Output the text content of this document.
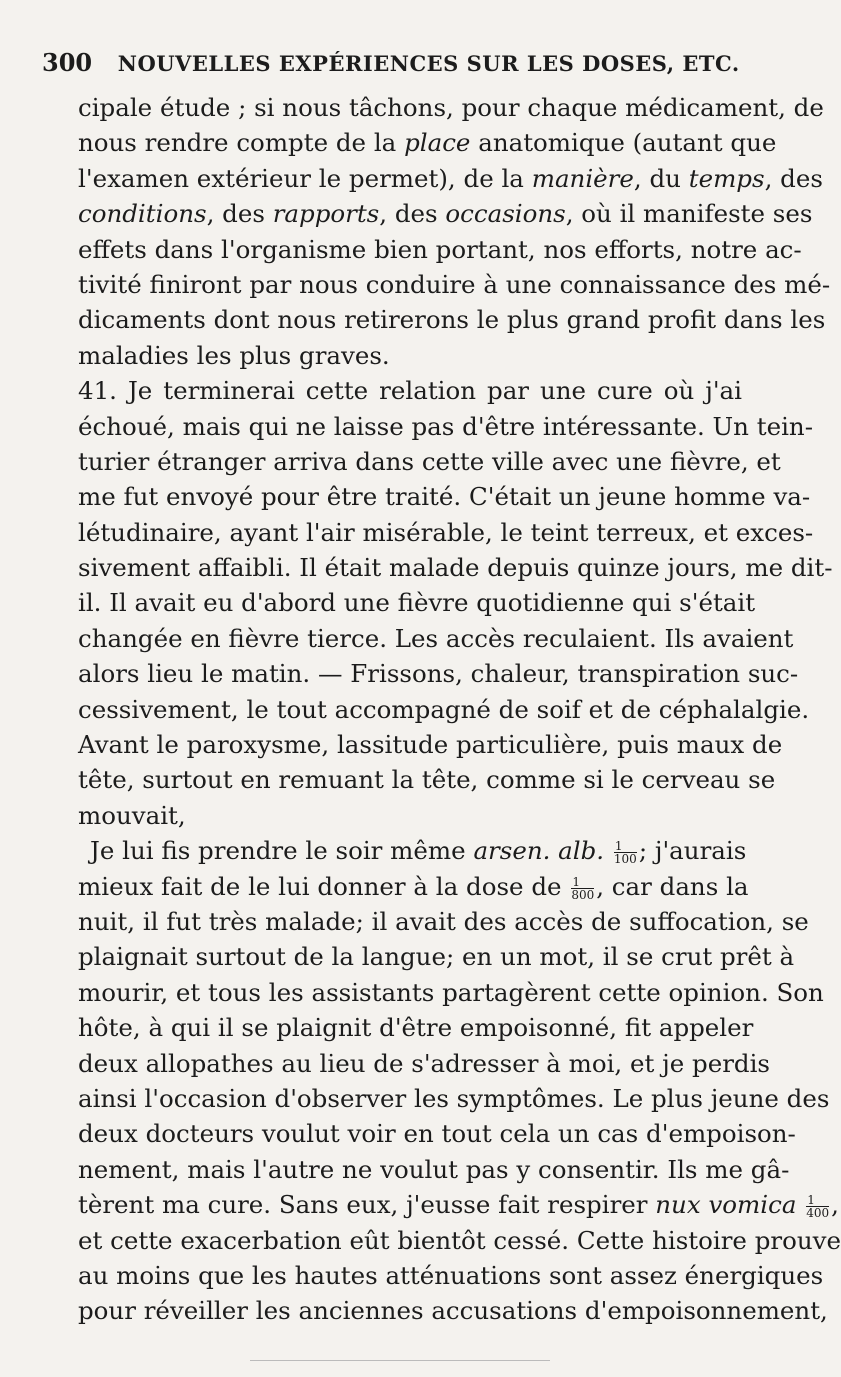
300 NOUVELLES EXPÉRIENCES SUR LES DOSES, ETC.
cipale étude ; si nous tâchons, pour chaque médicament, de
nous rendre compte de la place anatomique (autant que
l'examen extérieur le permet), de la manière, du temps, des
conditions, des rapports, des occasions, où il manifeste ses
effets dans l'organisme bien portant, nos efforts, notre ac-
tivité finiront par nous conduire à une connaissance des mé-
dicaments dont nous retirerons le plus grand profit dans les
maladies les plus graves.
41. Je terminerai cette relation par une cure où j'ai
échoué, mais qui ne laisse pas d'être intéressante. Un tein-
turier étranger arriva dans cette ville avec une fièvre, et
me fut envoyé pour être traité. C'était un jeune homme va-
létudinaire, ayant l'air misérable, le teint terreux, et exces-
sivement affaibli. Il était malade depuis quinze jours, me dit-
il. Il avait eu d'abord une fièvre quotidienne qui s'était
changée en fièvre tierce. Les accès reculaient. Ils avaient
alors lieu le matin. — Frissons, chaleur, transpiration suc-
cessivement, le tout accompagné de soif et de céphalalgie.
Avant le paroxysme, lassitude particulière, puis maux de
tête, surtout en remuant la tête, comme si le cerveau se
mouvait,
Je lui fis prendre le soir même arsen. alb. $\frac{1}{100}$ ; j'aurais
mieux fait de le lui donner à la dose de $\frac{1}{800}$ , car dans la
nuit, il fut très malade; il avait des accès de suffocation, se
plaignait surtout de la langue; en un mot, il se crut prêt à
mourir, et tous les assistants partagèrent cette opinion. Son
hôte, à qui il se plaignit d'être empoisonné, fit appeler
deux allopathes au lieu de s'adresser à moi, et je perdis
ainsi l'occasion d'observer les symptômes. Le plus jeune des
deux docteurs voulut voir en tout cela un cas d'empoison-
nement, mais l'autre ne voulut pas y consentir. Ils me gâ-
tèrent ma cure. Sans eux, j'eusse fait respirer nux vomica $\frac{1}{400}$ ,
et cette exacerbation eût bientôt cessé. Cette histoire prouve
au moins que les hautes atténuations sont assez énergiques
pour réveiller les anciennes accusations d'empoisonnement,
